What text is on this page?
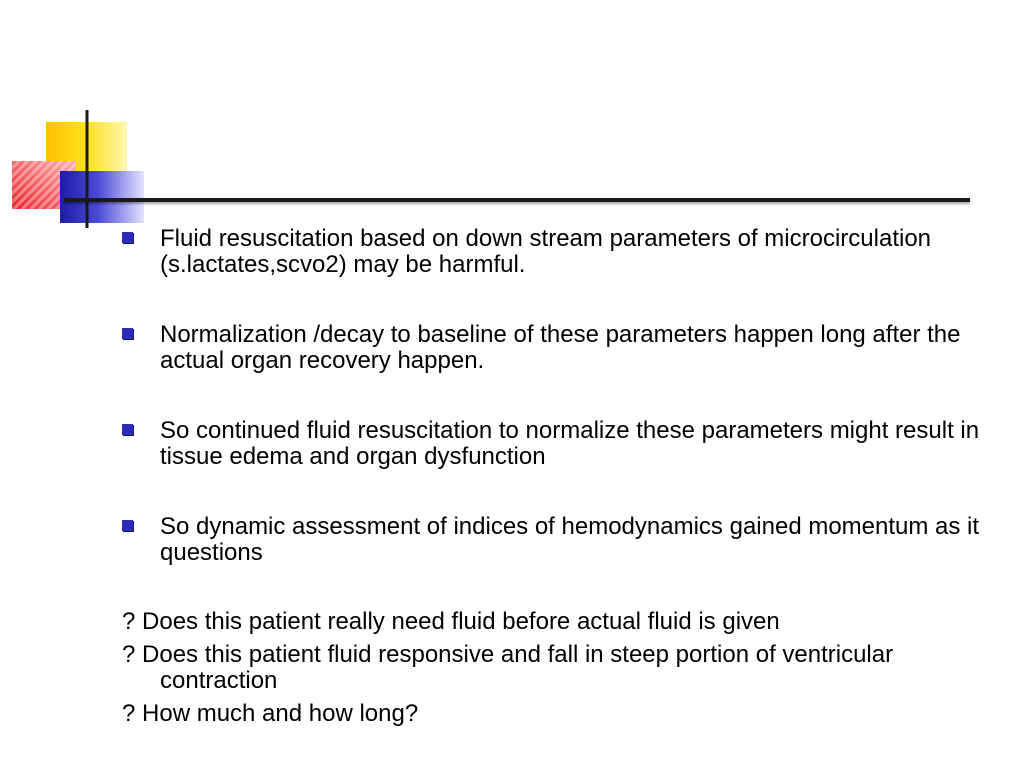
Fluid resuscitation based on down stream parameters of microcirculation (s.lactates,scvo2) may be harmful.
Normalization /decay to baseline of these parameters happen long after the actual organ recovery happen.
So continued fluid resuscitation to normalize these parameters might result in tissue edema and organ dysfunction
So dynamic assessment of indices of hemodynamics gained momentum as it questions
? Does this patient really need fluid before actual fluid is given
? Does this patient fluid responsive and fall in steep portion of ventricular contraction
? How much and how long?
